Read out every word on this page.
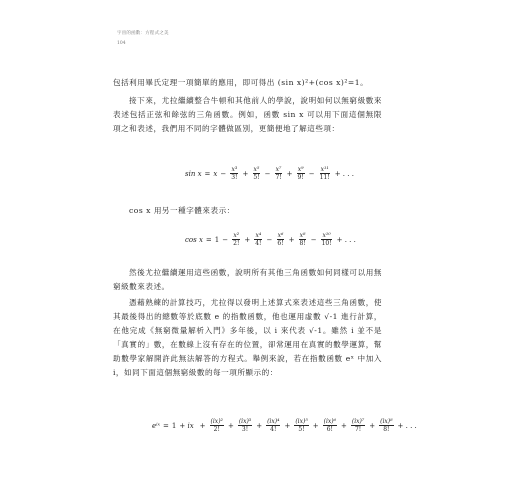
宇宙的函數：方程式之美
104

包括利用畢氏定理一項簡單的應用，即可得出 (sin x)²+(cos x)²=1。

接下來，尤拉繼續整合牛頓和其他前人的學說，說明如何以無窮級數來表述包括正弦和餘弦的三角函數。例如，函數 sin x 可以用下面這個無限項之和表述，我們用不同的字體做區別，更簡便地了解這些項：

$\sin x = x - \frac{\text{x³}}{3!} + \frac{\text{x⁵}}{5!} - \frac{\text{x⁷}}{7!} + \frac{\text{x⁹}}{9!} - \frac{\text{x¹¹}}{11!}$ + . . .

cos x 用另一種字體來表示：

$\cos x = 1 - \frac{\text{x²}}{2!} + \frac{\text{x⁴}}{4!} - \frac{\text{x⁶}}{6!} + \frac{\text{x⁸}}{8!} - \frac{\text{x¹⁰}}{10!}$ + . . .

然後尤拉繼續運用這些函數，說明所有其他三角函數如何同樣可以用無窮級數來表述。

憑藉熟練的計算技巧，尤拉得以發明上述算式來表述這些三角函數，使其最後得出的總數等於底數 e 的指數函數，他也運用虛數 √-1 進行計算，在他完成《無窮微量解析入門》多年後，以 i 來代表 √-1。雖然 i 並不是「真實的」數，在數線上沒有存在的位置，卻常運用在真實的數學運算，幫助數學家解開許此無法解答的方程式。舉例來說，若在指數函數 eˣ 中加入 i，如同下面這個無窮級數的每一項所顯示的：

eⁱˣ = 1 + ix + $\frac{\text{(ix)²}}{2!} + \frac{\text{(ix)³}}{3!} + \frac{\text{(ix)⁴}}{4!} + \frac{\text{(ix)⁵}}{5!} + \frac{\text{(ix)⁶}}{6!} + \frac{\text{(ix)⁷}}{7!} + \frac{\text{(ix)⁸}}{8!}$ + . . .
